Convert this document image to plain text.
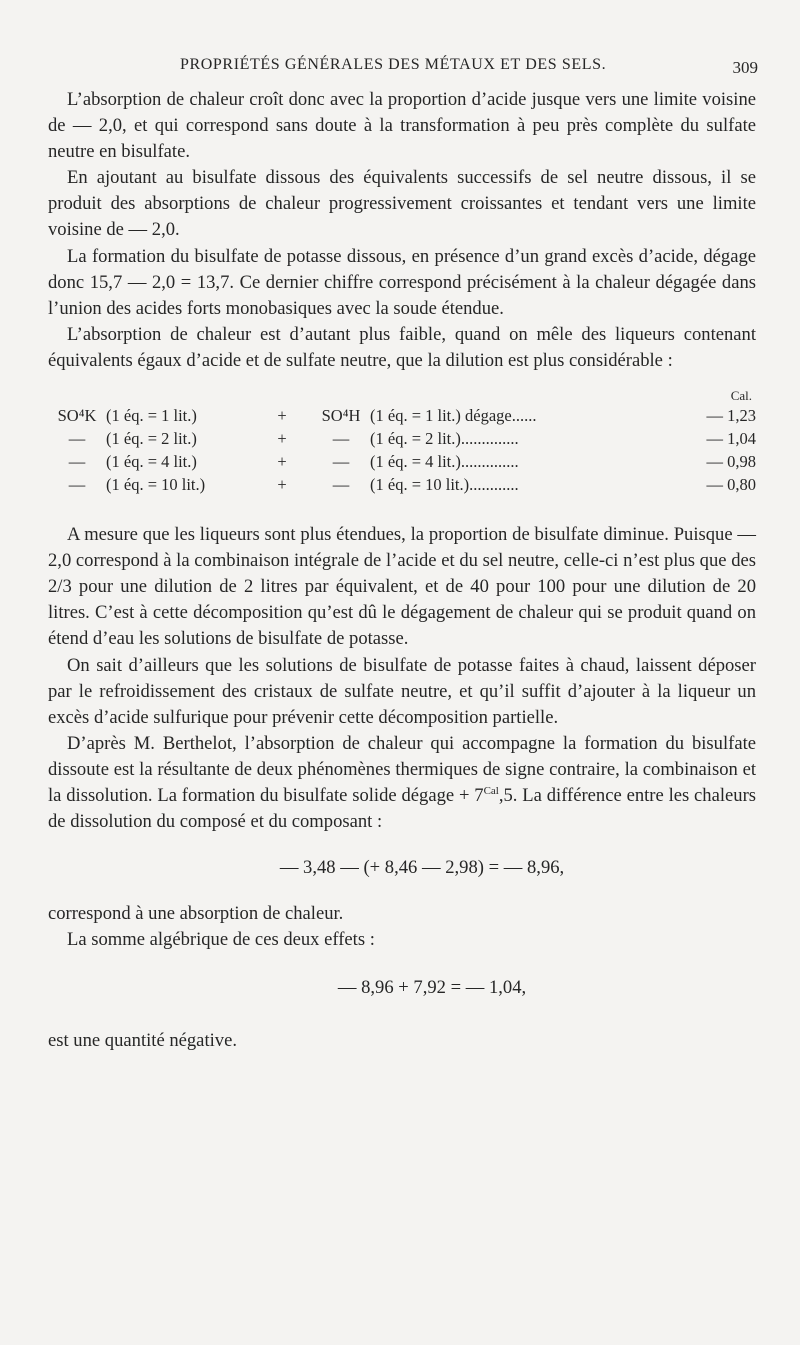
PROPRIÉTÉS GÉNÉRALES DES MÉTAUX ET DES SELS.	309

L’absorption de chaleur croît donc avec la proportion d’acide jusque vers une limite voisine de — 2,0, et qui correspond sans doute à la transformation à peu près complète du sulfate neutre en bisulfate.

En ajoutant au bisulfate dissous des équivalents successifs de sel neutre dissous, il se produit des absorptions de chaleur progressivement croissantes et tendant vers une limite voisine de — 2,0.

La formation du bisulfate de potasse dissous, en présence d’un grand excès d’acide, dégage donc 15,7 — 2,0 = 13,7. Ce dernier chiffre correspond précisément à la chaleur dégagée dans l’union des acides forts monobasiques avec la soude étendue.

L’absorption de chaleur est d’autant plus faible, quand on mêle des liqueurs contenant équivalents égaux d’acide et de sulfate neutre, que la dilution est plus considérable :

Cal.
SO⁴K (1 éq. = 1 lit.)	+	SO⁴H (1 éq. = 1 lit.) dégage......	— 1,23
—	(1 éq. = 2 lit.)	+	—	(1 éq. = 2 lit.)..............	— 1,04
—	(1 éq. = 4 lit.)	+	—	(1 éq. = 4 lit.)..............	— 0,98
—	(1 éq. = 10 lit.)	+	—	(1 éq. = 10 lit.)............	— 0,80

A mesure que les liqueurs sont plus étendues, la proportion de bisulfate diminue. Puisque — 2,0 correspond à la combinaison intégrale de l’acide et du sel neutre, celle-ci n’est plus que des 2/3 pour une dilution de 2 litres par équivalent, et de 40 pour 100 pour une dilution de 20 litres. C’est à cette décomposition qu’est dû le dégagement de chaleur qui se produit quand on étend d’eau les solutions de bisulfate de potasse.

On sait d’ailleurs que les solutions de bisulfate de potasse faites à chaud, laissent déposer par le refroidissement des cristaux de sulfate neutre, et qu’il suffit d’ajouter à la liqueur un excès d’acide sulfurique pour prévenir cette décomposition partielle.

D’après M. Berthelot, l’absorption de chaleur qui accompagne la formation du bisulfate dissoute est la résultante de deux phénomènes thermiques de signe contraire, la combinaison et la dissolution. La formation du bisulfate solide dégage + $7^{Cal},5$. La différence entre les chaleurs de dissolution du composé et du composant :

— 3,48 — (+ 8,46 — 2,98) = — 8,96,

correspond à une absorption de chaleur.

La somme algébrique de ces deux effets :

— 8,96 + 7,92 = — 1,04,

est une quantité négative.
